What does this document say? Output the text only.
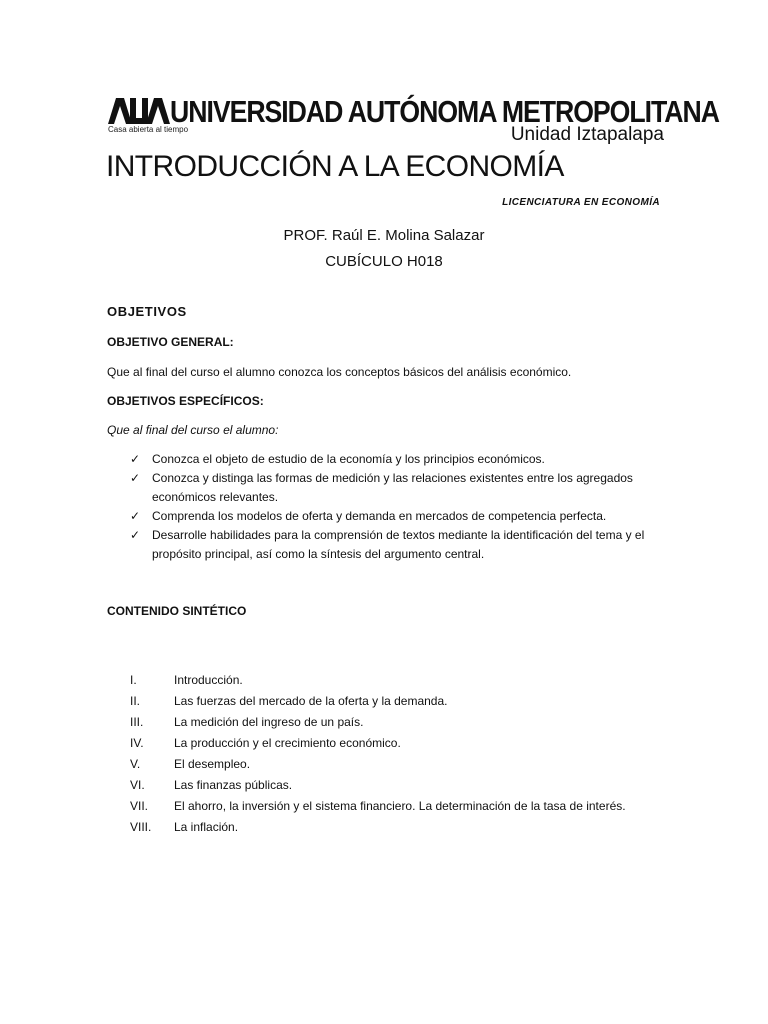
UNIVERSIDAD AUTÓNOMA METROPOLITANA
Casa abierta al tiempo	Unidad Iztapalapa
INTRODUCCIÓN A LA ECONOMÍA
LICENCIATURA EN ECONOMÍA
PROF. Raúl E. Molina Salazar
CUBÍCULO H018
OBJETIVOS
OBJETIVO GENERAL:
Que al final del curso el alumno conozca los conceptos básicos del análisis económico.
OBJETIVOS ESPECÍFICOS:
Que al final del curso el alumno:
✓ Conozca el objeto de estudio de la economía y los principios económicos.
✓ Conozca y distinga las formas de medición y las relaciones existentes entre los agregados económicos relevantes.
✓ Comprenda los modelos de oferta y demanda en mercados de competencia perfecta.
✓ Desarrolle habilidades para la comprensión de textos mediante la identificación del tema y el propósito principal, así como la síntesis del argumento central.
CONTENIDO SINTÉTICO
I.	Introducción.
II.	Las fuerzas del mercado de la oferta y la demanda.
III.	La medición del ingreso de un país.
IV.	La producción y el crecimiento económico.
V.	El desempleo.
VI.	Las finanzas públicas.
VII.	El ahorro, la inversión y el sistema financiero. La determinación de la tasa de interés.
VIII.	La inflación.
